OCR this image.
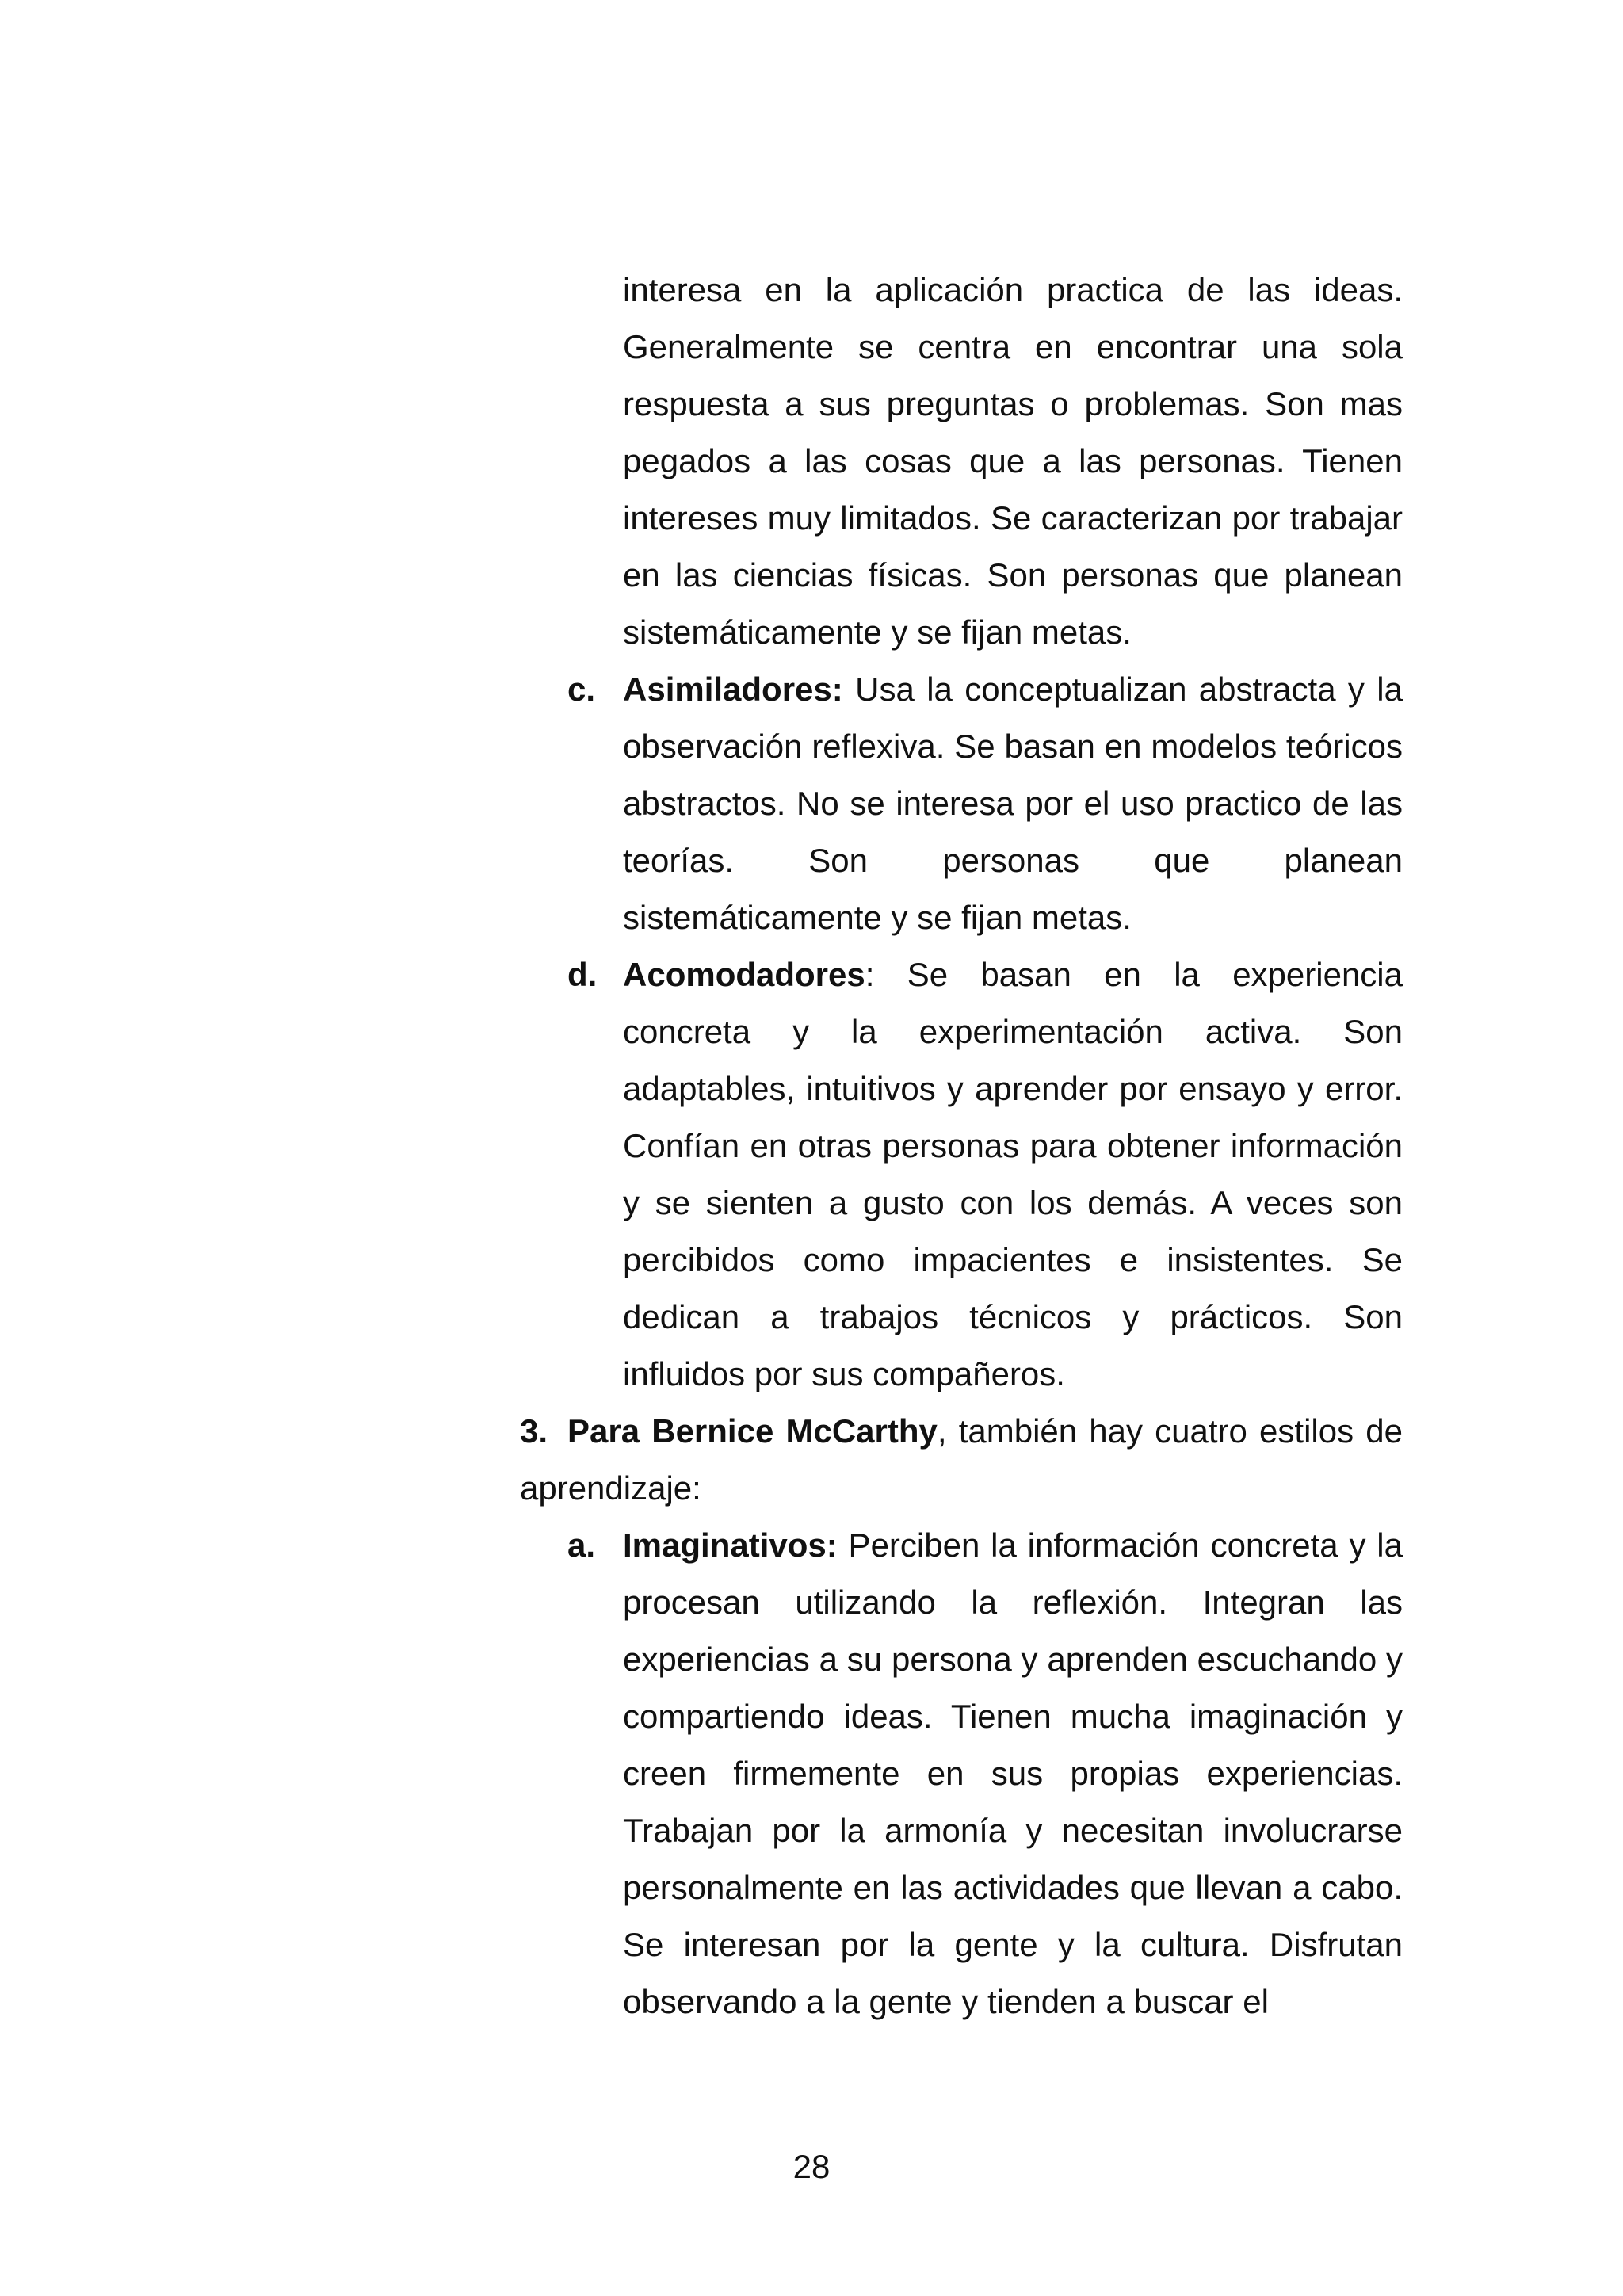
interesa en la aplicación practica de las ideas. Generalmente se centra en encontrar una sola respuesta a sus preguntas o problemas. Son mas pegados a las cosas que a las personas. Tienen intereses muy limitados. Se caracterizan por trabajar en las ciencias físicas. Son personas que planean sistemáticamente y se fijan metas.

c. Asimiladores: Usa la conceptualizan abstracta y la observación reflexiva. Se basan en modelos teóricos abstractos. No se interesa por el uso practico de las teorías. Son personas que planean sistemáticamente y se fijan metas.

d. Acomodadores: Se basan en la experiencia concreta y la experimentación activa. Son adaptables, intuitivos y aprender por ensayo y error. Confían en otras personas para obtener información y se sienten a gusto con los demás. A veces son percibidos como impacientes e insistentes. Se dedican a trabajos técnicos y prácticos. Son influidos por sus compañeros.

3. Para Bernice McCarthy, también hay cuatro estilos de aprendizaje:

a. Imaginativos: Perciben la información concreta y la procesan utilizando la reflexión. Integran las experiencias a su persona y aprenden escuchando y compartiendo ideas. Tienen mucha imaginación y creen firmemente en sus propias experiencias. Trabajan por la armonía y necesitan involucrarse personalmente en las actividades que llevan a cabo. Se interesan por la gente y la cultura. Disfrutan observando a la gente y tienden a buscar el

28
